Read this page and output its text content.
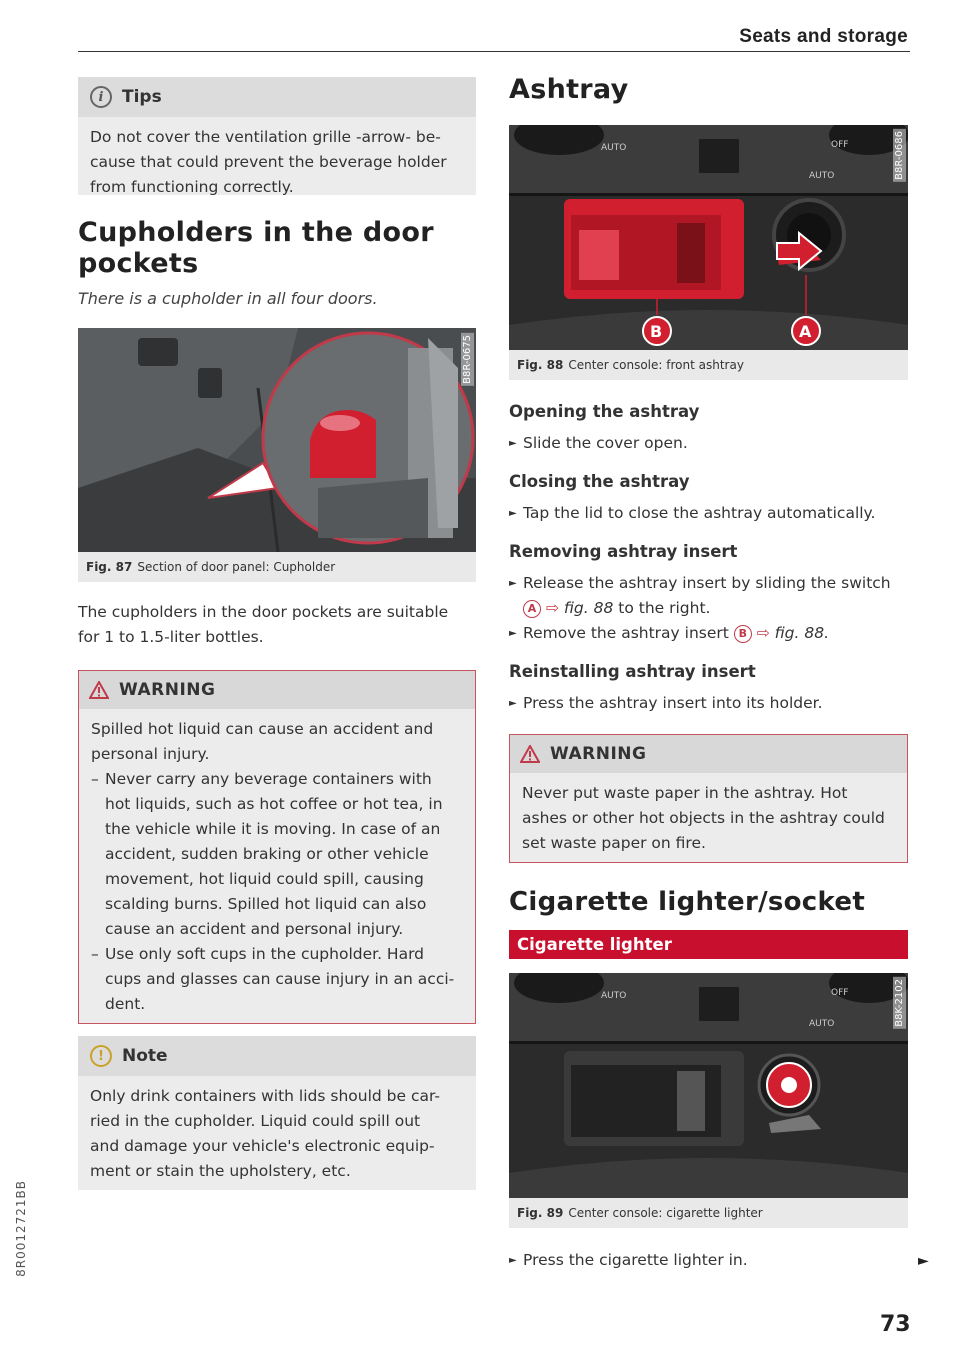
Seats and storage
i	Tips
Do not cover the ventilation grille -arrow- be-
cause that could prevent the beverage holder
from functioning correctly.
Cupholders in the door
pockets
There is a cupholder in all four doors.
B8R-0675
Fig. 87 Section of door panel: Cupholder
The cupholders in the door pockets are suitable
for 1 to 1.5-liter bottles.
WARNING
Spilled hot liquid can cause an accident and
personal injury.
– Never carry any beverage containers with
hot liquids, such as hot coffee or hot tea, in
the vehicle while it is moving. In case of an
accident, sudden braking or other vehicle
movement, hot liquid could spill, causing
scalding burns. Spilled hot liquid can also
cause an accident and personal injury.
– Use only soft cups in the cupholder. Hard
cups and glasses can cause injury in an acci-
dent.
!	Note
Only drink containers with lids should be car-
ried in the cupholder. Liquid could spill out
and damage your vehicle's electronic equip-
ment or stain the upholstery, etc.
Ashtray
AUTO	OFF
AUTO
B	A
B8R-0686
Fig. 88 Center console: front ashtray
Opening the ashtray
► Slide the cover open.
Closing the ashtray
► Tap the lid to close the ashtray automatically.
Removing ashtray insert
► Release the ashtray insert by sliding the switch
A ⇨ fig. 88 to the right.
► Remove the ashtray insert B ⇨ fig. 88.
Reinstalling ashtray insert
► Press the ashtray insert into its holder.
WARNING
Never put waste paper in the ashtray. Hot
ashes or other hot objects in the ashtray could
set waste paper on fire.
Cigarette lighter/socket
Cigarette lighter
AUTO	OFF
AUTO	B8K-2102
Fig. 89 Center console: cigarette lighter
► Press the cigarette lighter in.	►
73
8R0012721BB
